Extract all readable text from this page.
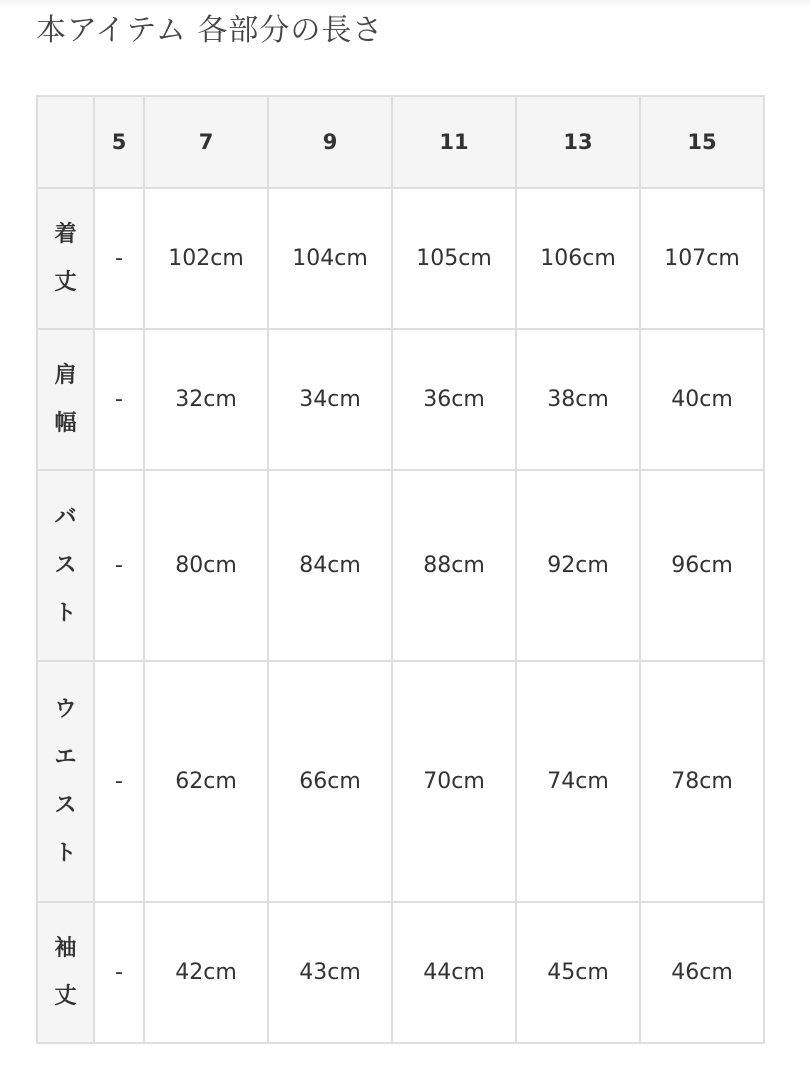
本アイテム 各部分の長さ
	5	7	9	11	13	15
着丈	-	102cm	104cm	105cm	106cm	107cm
肩幅	-	32cm	34cm	36cm	38cm	40cm
バスト	-	80cm	84cm	88cm	92cm	96cm
ウエスト	-	62cm	66cm	70cm	74cm	78cm
袖丈	-	42cm	43cm	44cm	45cm	46cm
